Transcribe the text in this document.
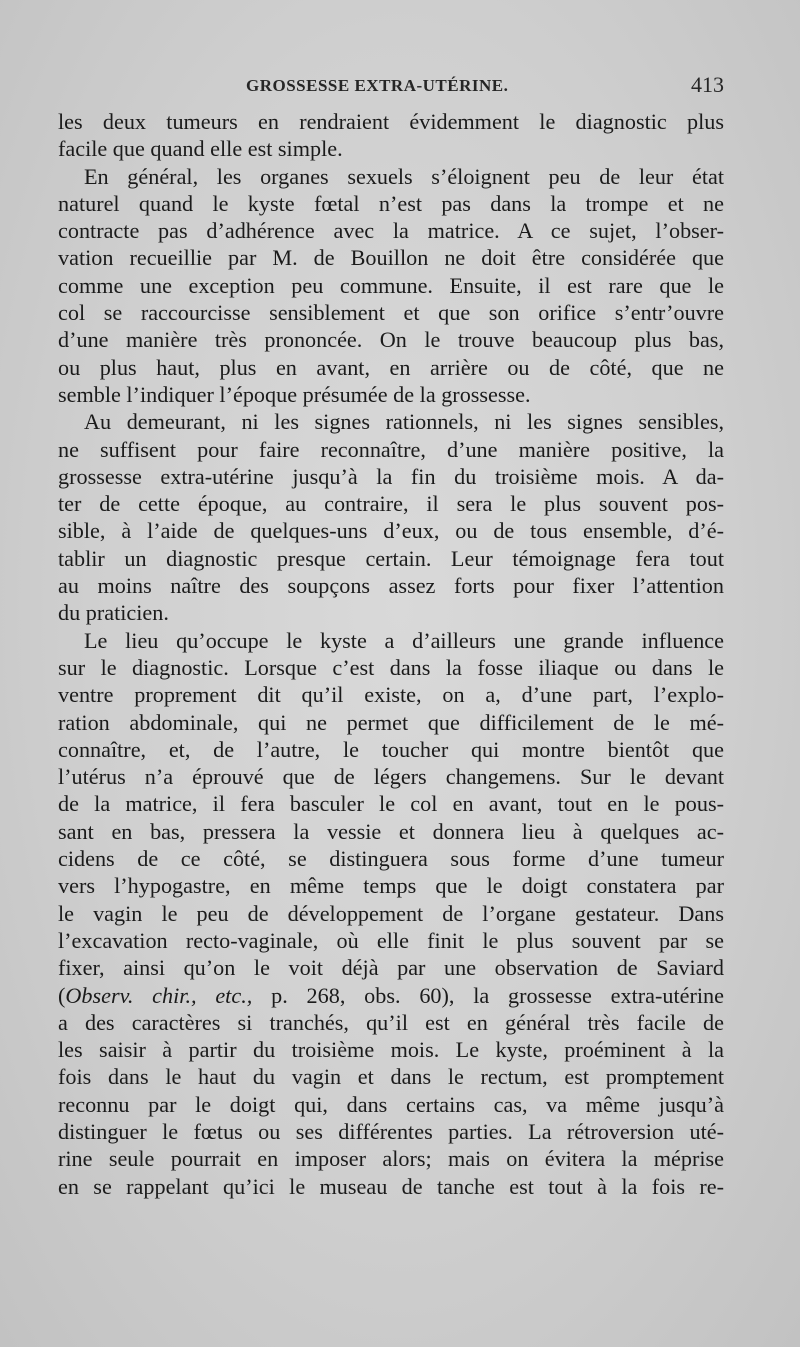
GROSSESSE EXTRA-UTÉRINE.	413
les deux tumeurs en rendraient évidemment le diagnostic plus
facile que quand elle est simple.
En général, les organes sexuels s’éloignent peu de leur état
naturel quand le kyste fœtal n’est pas dans la trompe et ne
contracte pas d’adhérence avec la matrice. A ce sujet, l’obser-
vation recueillie par M. de Bouillon ne doit être considérée que
comme une exception peu commune. Ensuite, il est rare que le
col se raccourcisse sensiblement et que son orifice s’entr’ouvre
d’une manière très prononcée. On le trouve beaucoup plus bas,
ou plus haut, plus en avant, en arrière ou de côté, que ne
semble l’indiquer l’époque présumée de la grossesse.
Au demeurant, ni les signes rationnels, ni les signes sensibles,
ne suffisent pour faire reconnaître, d’une manière positive, la
grossesse extra-utérine jusqu’à la fin du troisième mois. A da-
ter de cette époque, au contraire, il sera le plus souvent pos-
sible, à l’aide de quelques-uns d’eux, ou de tous ensemble, d’é-
tablir un diagnostic presque certain. Leur témoignage fera tout
au moins naître des soupçons assez forts pour fixer l’attention
du praticien.
Le lieu qu’occupe le kyste a d’ailleurs une grande influence
sur le diagnostic. Lorsque c’est dans la fosse iliaque ou dans le
ventre proprement dit qu’il existe, on a, d’une part, l’explo-
ration abdominale, qui ne permet que difficilement de le mé-
connaître, et, de l’autre, le toucher qui montre bientôt que
l’utérus n’a éprouvé que de légers changemens. Sur le devant
de la matrice, il fera basculer le col en avant, tout en le pous-
sant en bas, pressera la vessie et donnera lieu à quelques ac-
cidens de ce côté, se distinguera sous forme d’une tumeur
vers l’hypogastre, en même temps que le doigt constatera par
le vagin le peu de développement de l’organe gestateur. Dans
l’excavation recto-vaginale, où elle finit le plus souvent par se
fixer, ainsi qu’on le voit déjà par une observation de Saviard
(Observ. chir., etc., p. 268, obs. 60), la grossesse extra-utérine
a des caractères si tranchés, qu’il est en général très facile de
les saisir à partir du troisième mois. Le kyste, proéminent à la
fois dans le haut du vagin et dans le rectum, est promptement
reconnu par le doigt qui, dans certains cas, va même jusqu’à
distinguer le fœtus ou ses différentes parties. La rétroversion uté-
rine seule pourrait en imposer alors; mais on évitera la méprise
en se rappelant qu’ici le museau de tanche est tout à la fois re-
